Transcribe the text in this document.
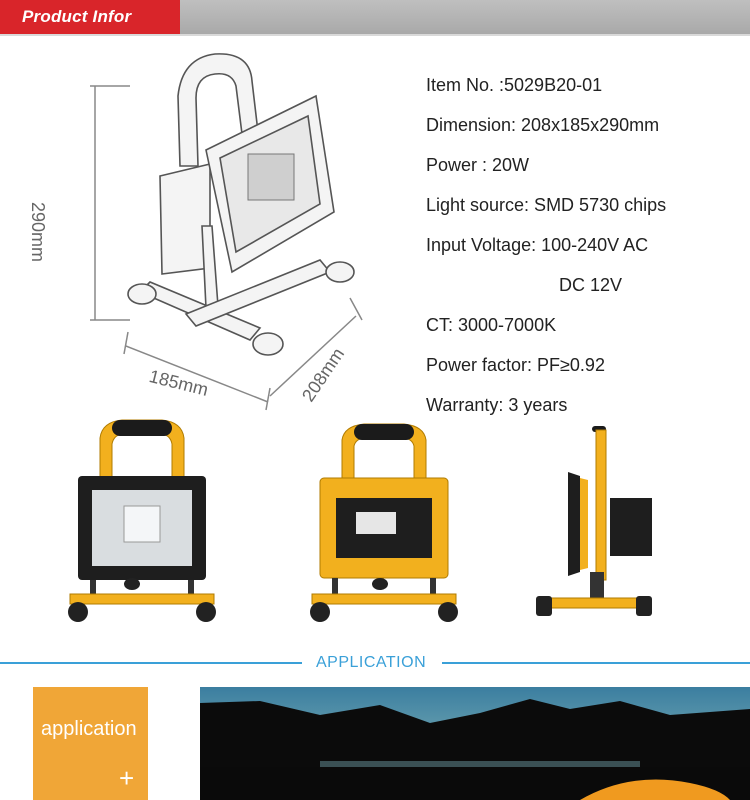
Product Infor
290mm
185mm	208mm
Item No. :5029B20-01
Dimension: 208x185x290mm
Power : 20W
Light source: SMD 5730 chips
Input Voltage: 100-240V AC
DC 12V
CT: 3000-7000K
Power factor: PF≥0.92
Warranty: 3 years
APPLICATION
application
+
